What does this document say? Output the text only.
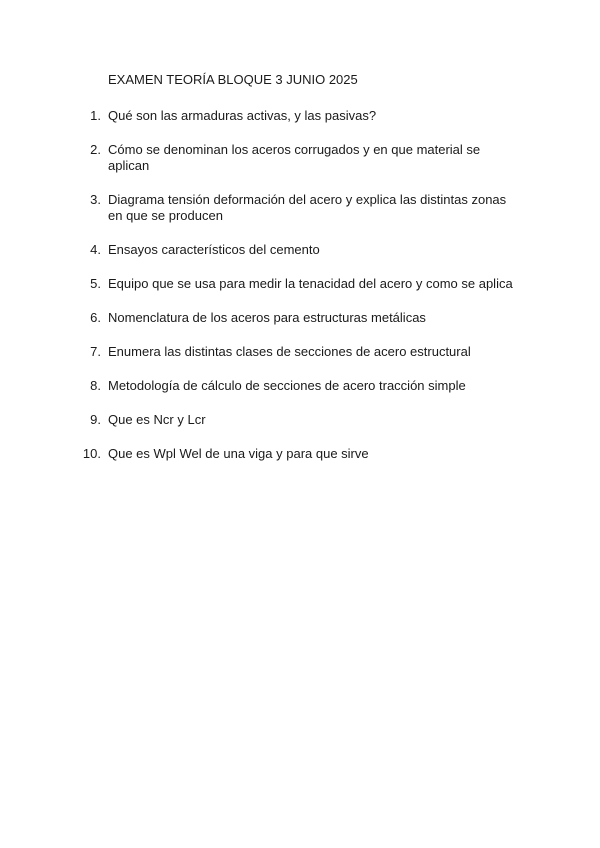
EXAMEN TEORÍA BLOQUE 3 JUNIO 2025
1. Qué son las armaduras activas, y las pasivas?
2. Cómo se denominan los aceros corrugados y en que material se aplican
3. Diagrama tensión deformación del acero y explica las distintas zonas en que se producen
4. Ensayos característicos del cemento
5. Equipo que se usa para medir la tenacidad del acero y como se aplica
6. Nomenclatura de los aceros para estructuras metálicas
7. Enumera las distintas clases de secciones de acero estructural
8. Metodología de cálculo de secciones de acero tracción simple
9. Que es Ncr y Lcr
10. Que es Wpl Wel de una viga y para que sirve
